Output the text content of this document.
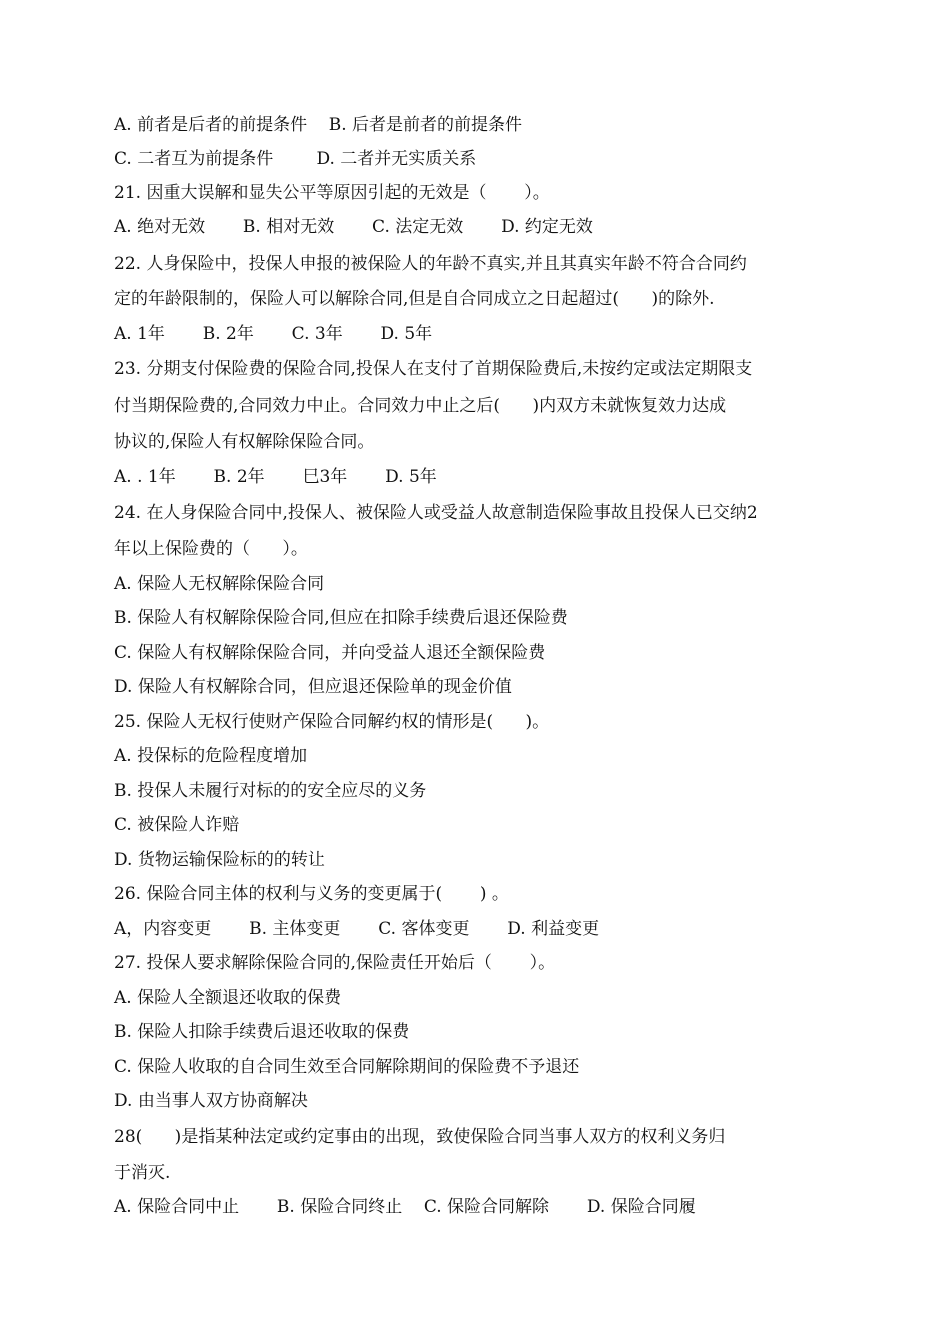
A. 前者是后者的前提条件    B. 后者是前者的前提条件
C. 二者互为前提条件        D. 二者并无实质关系
21. 因重大误解和显失公平等原因引起的无效是（       ）。
A. 绝对无效       B. 相对无效       C. 法定无效       D. 约定无效
22. 人身保险中，投保人申报的被保险人的年龄不真实,并且其真实年龄不符合合同约
定的年龄限制的，保险人可以解除合同,但是自合同成立之日起超过(      )的除外.
A. 1年       B. 2年       C. 3年       D. 5年
23. 分期支付保险费的保险合同,投保人在支付了首期保险费后,未按约定或法定期限支
付当期保险费的,合同效力中止。合同效力中止之后(      )内双方未就恢复效力达成
协议的,保险人有权解除保险合同。
A. . 1年       B. 2年       巳3年       D. 5年
24. 在人身保险合同中,投保人、被保险人或受益人故意制造保险事故且投保人已交纳2
年以上保险费的（      ）。
A. 保险人无权解除保险合同
B. 保险人有权解除保险合同,但应在扣除手续费后退还保险费
C. 保险人有权解除保险合同，并向受益人退还全额保险费
D. 保险人有权解除合同，但应退还保险单的现金价值
25. 保险人无权行使财产保险合同解约权的情形是(      )。
A. 投保标的危险程度增加
B. 投保人未履行对标的的安全应尽的义务
C. 被保险人诈赔
D. 货物运输保险标的的转让
26. 保险合同主体的权利与义务的变更属于(       ) 。
A，内容变更       B. 主体变更       C. 客体变更       D. 利益变更
27. 投保人要求解除保险合同的,保险责任开始后（       ）。
A. 保险人全额退还收取的保费
B. 保险人扣除手续费后退还收取的保费
C. 保险人收取的自合同生效至合同解除期间的保险费不予退还
D. 由当事人双方协商解决
28(      )是指某种法定或约定事由的出现，致使保险合同当事人双方的权利义务归
于消灭.
A. 保险合同中止       B. 保险合同终止    C. 保险合同解除       D. 保险合同履
